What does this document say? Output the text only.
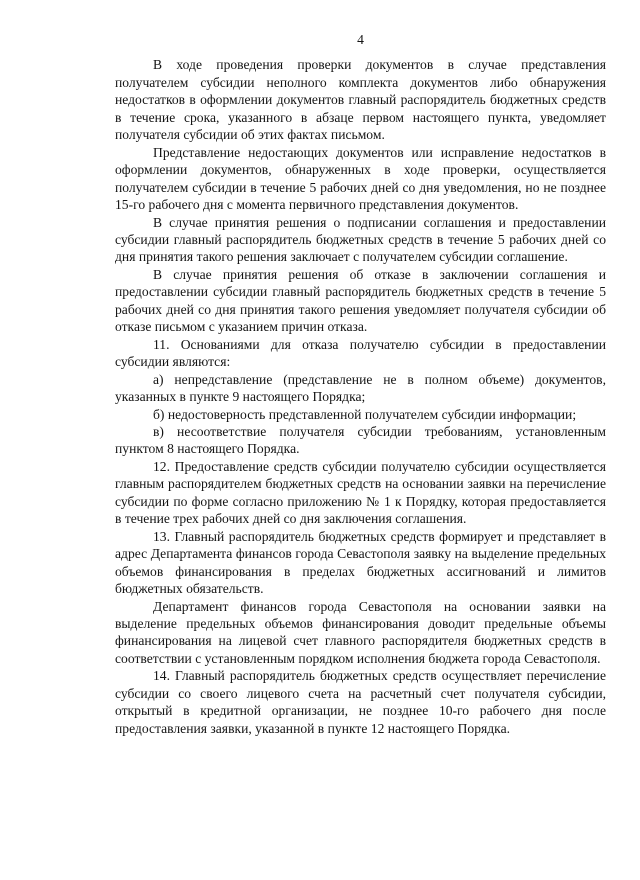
4

В ходе проведения проверки документов в случае представления получателем субсидии неполного комплекта документов либо обнаружения недостатков в оформлении документов главный распорядитель бюджетных средств в течение срока, указанного в абзаце первом настоящего пункта, уведомляет получателя субсидии об этих фактах письмом.

Представление недостающих документов или исправление недостатков в оформлении документов, обнаруженных в ходе проверки, осуществляется получателем субсидии в течение 5 рабочих дней со дня уведомления, но не позднее 15-го рабочего дня с момента первичного представления документов.

В случае принятия решения о подписании соглашения и предоставлении субсидии главный распорядитель бюджетных средств в течение 5 рабочих дней со дня принятия такого решения заключает с получателем субсидии соглашение.

В случае принятия решения об отказе в заключении соглашения и предоставлении субсидии главный распорядитель бюджетных средств в течение 5 рабочих дней со дня принятия такого решения уведомляет получателя субсидии об отказе письмом с указанием причин отказа.

11. Основаниями для отказа получателю субсидии в предоставлении субсидии являются:

а) непредставление (представление не в полном объеме) документов, указанных в пункте 9 настоящего Порядка;

б) недостоверность представленной получателем субсидии информации;

в) несоответствие получателя субсидии требованиям, установленным пунктом 8 настоящего Порядка.

12. Предоставление средств субсидии получателю субсидии осуществляется главным распорядителем бюджетных средств на основании заявки на перечисление субсидии по форме согласно приложению № 1 к Порядку, которая предоставляется в течение трех рабочих дней со дня заключения соглашения.

13. Главный распорядитель бюджетных средств формирует и представляет в адрес Департамента финансов города Севастополя заявку на выделение предельных объемов финансирования в пределах бюджетных ассигнований и лимитов бюджетных обязательств.

Департамент финансов города Севастополя на основании заявки на выделение предельных объемов финансирования доводит предельные объемы финансирования на лицевой счет главного распорядителя бюджетных средств в соответствии с установленным порядком исполнения бюджета города Севастополя.

14. Главный распорядитель бюджетных средств осуществляет перечисление субсидии со своего лицевого счета на расчетный счет получателя субсидии, открытый в кредитной организации, не позднее 10-го рабочего дня после предоставления заявки, указанной в пункте 12 настоящего Порядка.
